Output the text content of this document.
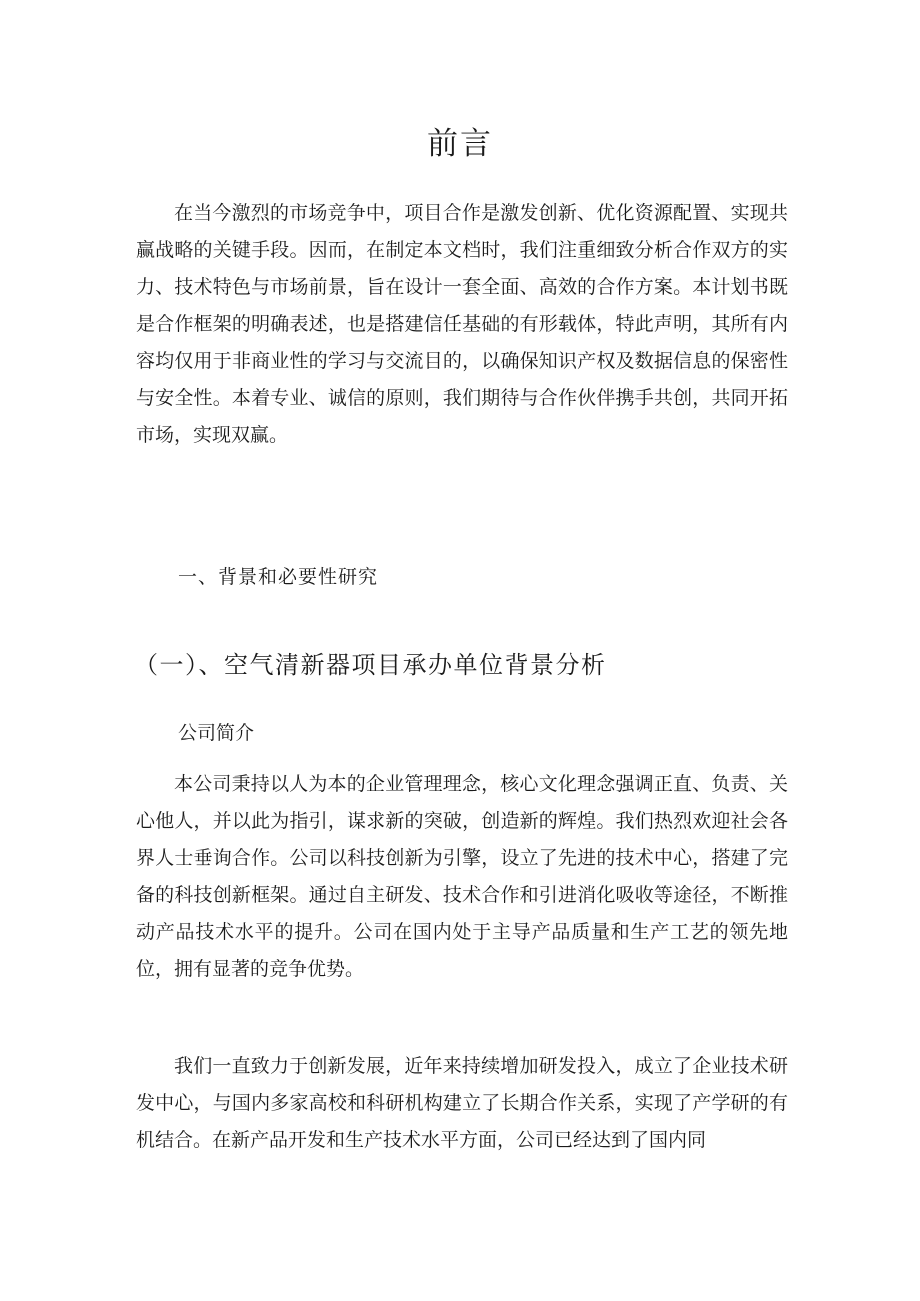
前言

在当今激烈的市场竞争中，项目合作是激发创新、优化资源配置、实现共赢战略的关键手段。因而，在制定本文档时，我们注重细致分析合作双方的实力、技术特色与市场前景，旨在设计一套全面、高效的合作方案。本计划书既是合作框架的明确表述，也是搭建信任基础的有形载体，特此声明，其所有内容均仅用于非商业性的学习与交流目的，以确保知识产权及数据信息的保密性与安全性。本着专业、诚信的原则，我们期待与合作伙伴携手共创，共同开拓市场，实现双赢。

一、背景和必要性研究
（一）、空气清新器项目承办单位背景分析
公司简介

本公司秉持以人为本的企业管理理念，核心文化理念强调正直、负责、关心他人，并以此为指引，谋求新的突破，创造新的辉煌。我们热烈欢迎社会各界人士垂询合作。公司以科技创新为引擎，设立了先进的技术中心，搭建了完备的科技创新框架。通过自主研发、技术合作和引进消化吸收等途径，不断推动产品技术水平的提升。公司在国内处于主导产品质量和生产工艺的领先地位，拥有显著的竞争优势。

我们一直致力于创新发展，近年来持续增加研发投入，成立了企业技术研发中心，与国内多家高校和科研机构建立了长期合作关系，实现了产学研的有机结合。在新产品开发和生产技术水平方面，公司已经达到了国内同
